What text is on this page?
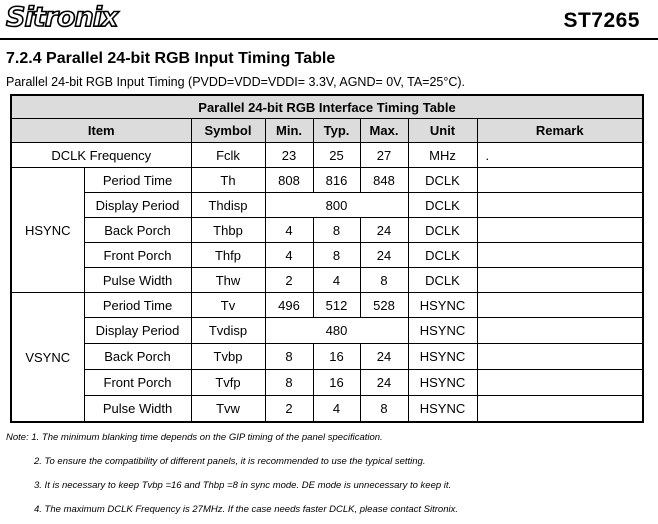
Sitronix	ST7265
7.2.4 Parallel 24-bit RGB Input Timing Table
Parallel 24-bit RGB Input Timing (PVDD=VDD=VDDI= 3.3V, AGND= 0V, TA=25°C).
Parallel 24-bit RGB Interface Timing Table							
Item		Symbol	Min.	Typ.	Max.	Unit	Remark
DCLK Frequency		Fclk	23	25	27	MHz	.
HSYNC	Period Time	Th	808	816	848	DCLK	
	Display Period	Thdisp	800			DCLK	
	Back Porch	Thbp	4	8	24	DCLK	
	Front Porch	Thfp	4	8	24	DCLK	
	Pulse Width	Thw	2	4	8	DCLK	
VSYNC	Period Time	Tv	496	512	528	HSYNC	
	Display Period	Tvdisp	480			HSYNC	
	Back Porch	Tvbp	8	16	24	HSYNC	
	Front Porch	Tvfp	8	16	24	HSYNC	
	Pulse Width	Tvw	2	4	8	HSYNC	
Note: 1. The minimum blanking time depends on the GIP timing of the panel specification.
2. To ensure the compatibility of different panels, it is recommended to use the typical setting.
3. It is necessary to keep Tvbp =16 and Thbp =8 in sync mode. DE mode is unnecessary to keep it.
4. The maximum DCLK Frequency is 27MHz. If the case needs faster DCLK, please contact Sitronix.
